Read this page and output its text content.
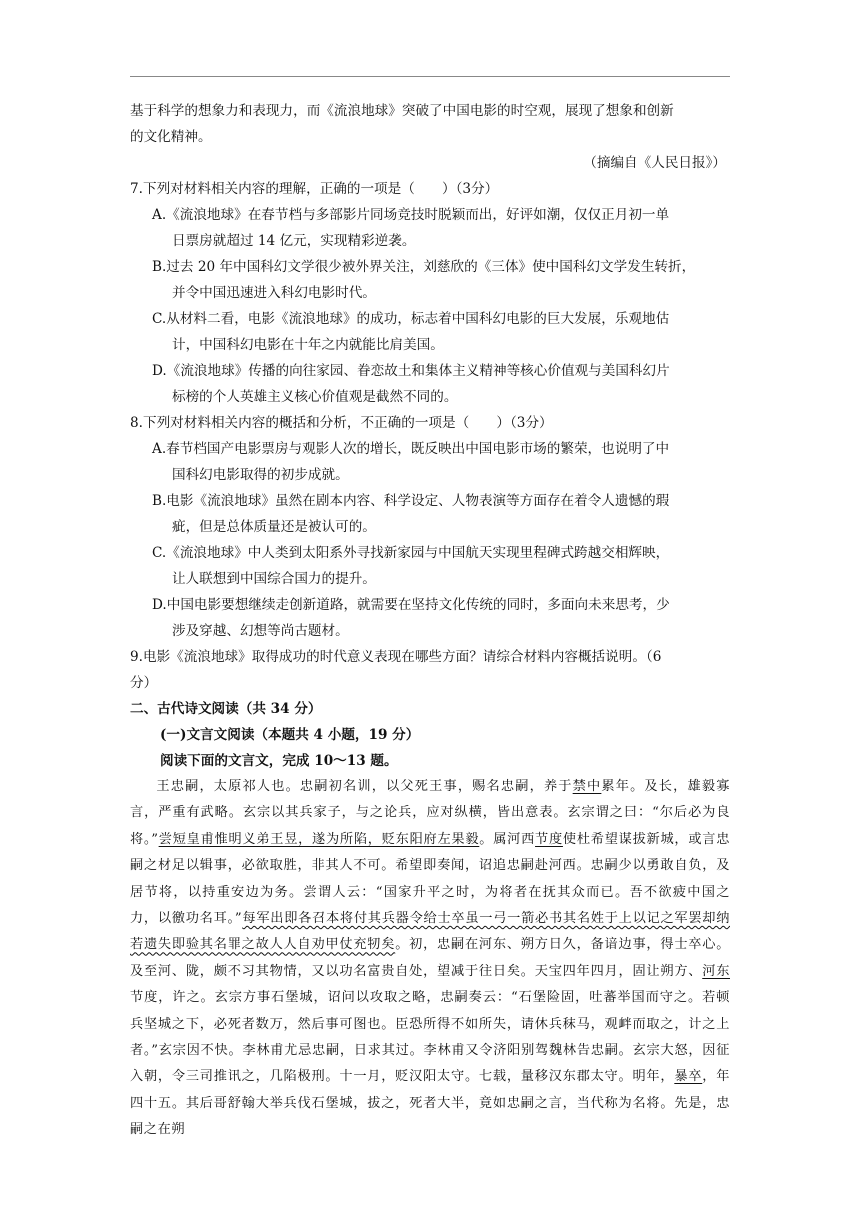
基于科学的想象力和表现力，而《流浪地球》突破了中国电影的时空观，展现了想象和创新
的文化精神。
（摘编自《人民日报》）
7.下列对材料相关内容的理解，正确的一项是（　　）（3分）
A.《流浪地球》在春节档与多部影片同场竞技时脱颖而出，好评如潮，仅仅正月初一单
日票房就超过 14 亿元，实现精彩逆袭。
B.过去 20 年中国科幻文学很少被外界关注，刘慈欣的《三体》使中国科幻文学发生转折，
并令中国迅速进入科幻电影时代。
C.从材料二看，电影《流浪地球》的成功，标志着中国科幻电影的巨大发展，乐观地估
计，中国科幻电影在十年之内就能比肩美国。
D.《流浪地球》传播的向往家园、眷恋故土和集体主义精神等核心价值观与美国科幻片
标榜的个人英雄主义核心价值观是截然不同的。
8.下列对材料相关内容的概括和分析，不正确的一项是（　　）（3分）
A.春节档国产电影票房与观影人次的增长，既反映出中国电影市场的繁荣，也说明了中
国科幻电影取得的初步成就。
B.电影《流浪地球》虽然在剧本内容、科学设定、人物表演等方面存在着令人遗憾的瑕
疵，但是总体质量还是被认可的。
C.《流浪地球》中人类到太阳系外寻找新家园与中国航天实现里程碑式跨越交相辉映，
让人联想到中国综合国力的提升。
D.中国电影要想继续走创新道路，就需要在坚持文化传统的同时，多面向未来思考，少
涉及穿越、幻想等尚古题材。
9.电影《流浪地球》取得成功的时代意义表现在哪些方面？请综合材料内容概括说明。（6
分）
二、古代诗文阅读（共 34 分）
(一)文言文阅读（本题共 4 小题，19 分）
阅读下面的文言文，完成 10～13 题。
王忠嗣，太原祁人也。忠嗣初名训，以父死王事，赐名忠嗣，养于禁中累年。及长，雄毅寡言，严重有武略。玄宗以其兵家子，与之论兵，应对纵横，皆出意表。玄宗谓之曰：“尔后必为良将。”尝短皇甫惟明义弟王昱，遂为所陷，贬东阳府左果毅。属河西节度使杜希望谋拔新城，或言忠嗣之材足以辑事，必欲取胜，非其人不可。希望即奏闻，诏追忠嗣赴河西。忠嗣少以勇敢自负，及居节将，以持重安边为务。尝谓人云：“国家升平之时，为将者在抚其众而已。吾不欲疲中国之力，以徼功名耳。”每军出即各召本将付其兵器令给士卒虽一弓一箭必书其名姓于上以记之军罢却纳若遗失即验其名罪之故人人自劝甲仗充牣矣。初，忠嗣在河东、朔方日久，备谙边事，得士卒心。及至河、陇，颇不习其物情，又以功名富贵自处，望减于往日矣。天宝四年四月，固让朔方、河东节度，许之。玄宗方事石堡城，诏问以攻取之略，忠嗣奏云：“石堡险固，吐蕃举国而守之。若顿兵坚城之下，必死者数万，然后事可图也。臣恐所得不如所失，请休兵秣马，观衅而取之，计之上者。”玄宗因不快。李林甫尤忌忠嗣，日求其过。李林甫又令济阳别驾魏林告忠嗣。玄宗大怒，因征入朝，令三司推讯之，几陷极刑。十一月，贬汉阳太守。七载，量移汉东郡太守。明年，暴卒，年四十五。其后哥舒翰大举兵伐石堡城，拔之，死者大半，竟如忠嗣之言，当代称为名将。先是，忠嗣之在朔
